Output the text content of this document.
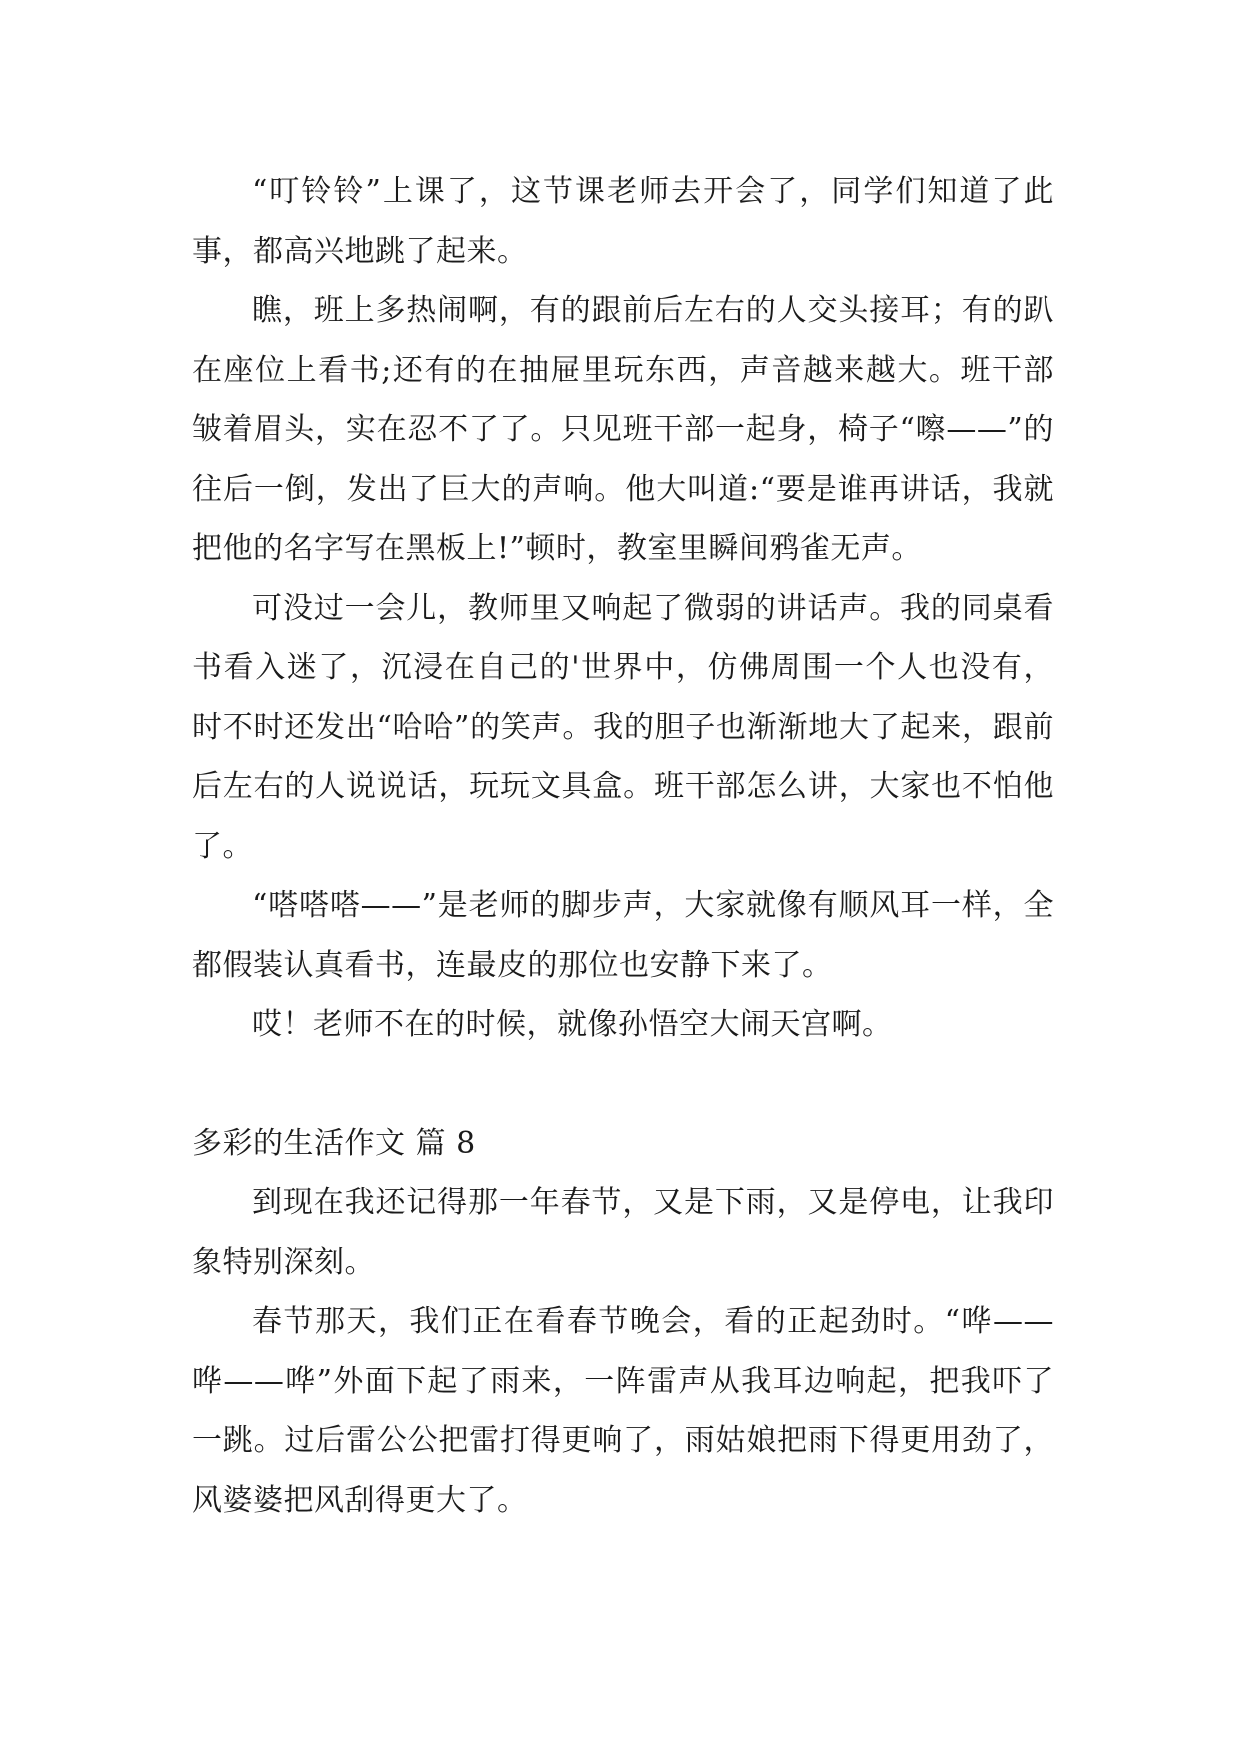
“叮铃铃”上课了，这节课老师去开会了，同学们知道了此事，都高兴地跳了起来。

瞧，班上多热闹啊，有的跟前后左右的人交头接耳；有的趴在座位上看书;还有的在抽屉里玩东西，声音越来越大。班干部皱着眉头，实在忍不了了。只见班干部一起身，椅子“嚓——”的往后一倒，发出了巨大的声响。他大叫道:“要是谁再讲话，我就把他的名字写在黑板上!”顿时，教室里瞬间鸦雀无声。

可没过一会儿，教师里又响起了微弱的讲话声。我的同桌看书看入迷了，沉浸在自己的'世界中，仿佛周围一个人也没有，时不时还发出“哈哈”的笑声。我的胆子也渐渐地大了起来，跟前后左右的人说说话，玩玩文具盒。班干部怎么讲，大家也不怕他了。

“嗒嗒嗒——”是老师的脚步声，大家就像有顺风耳一样，全都假装认真看书，连最皮的那位也安静下来了。

哎！老师不在的时候，就像孙悟空大闹天宫啊。

多彩的生活作文 篇 8

到现在我还记得那一年春节，又是下雨，又是停电，让我印象特别深刻。

春节那天，我们正在看春节晚会，看的正起劲时。“哗——哗——哗”外面下起了雨来，一阵雷声从我耳边响起，把我吓了一跳。过后雷公公把雷打得更响了，雨姑娘把雨下得更用劲了，风婆婆把风刮得更大了。
